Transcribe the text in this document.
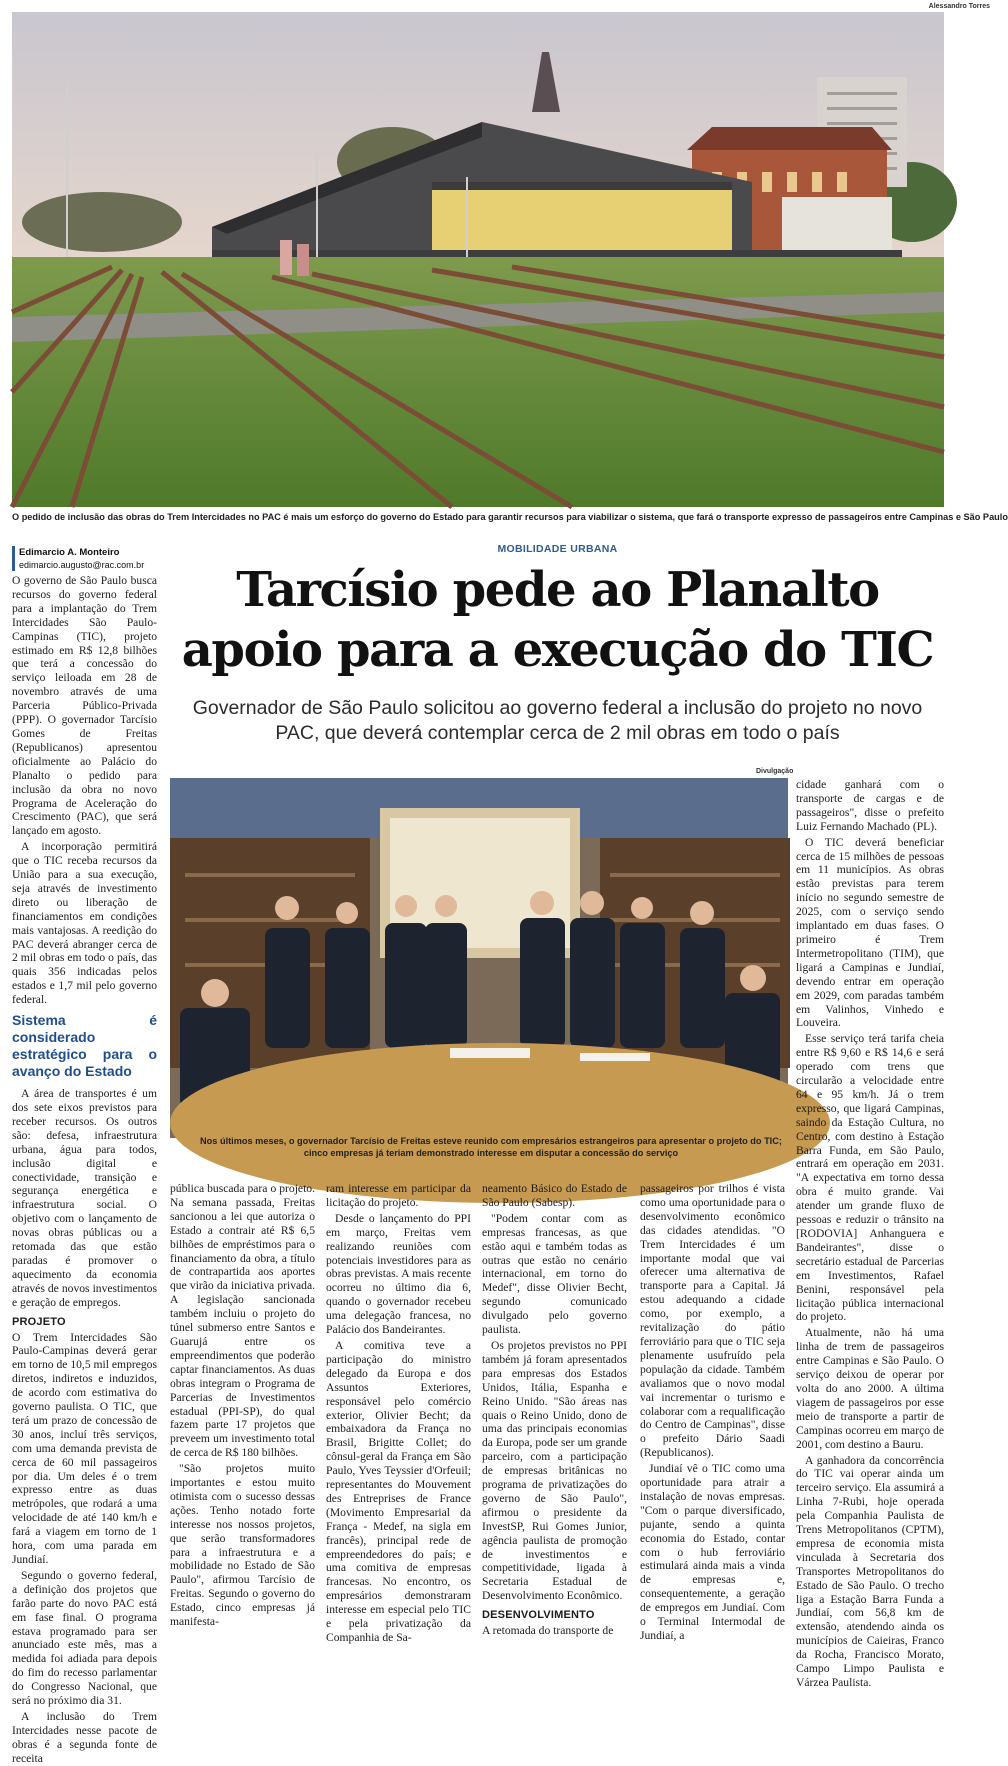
Alessandro Torres
O pedido de inclusão das obras do Trem Intercidades no PAC é mais um esforço do governo do Estado para garantir recursos para viabilizar o sistema, que fará o transporte expresso de passageiros entre Campinas e São Paulo
Edimarcio A. Monteiro
edimarcio.augusto@rac.com.br
MOBILIDADE URBANA
Tarcísio pede ao Planalto
apoio para a execução do TIC
Governador de São Paulo solicitou ao governo federal a inclusão do projeto no novo PAC, que deverá contemplar cerca de 2 mil obras em todo o país
Divulgação
Nos últimos meses, o governador Tarcísio de Freitas esteve reunido com empresários estrangeiros para apresentar o projeto do TIC;
cinco empresas já teriam demonstrado interesse em disputar a concessão do serviço

O governo de São Paulo busca recursos do governo federal para a implantação do Trem Intercidades São Paulo-Campinas (TIC), projeto estimado em R$ 12,8 bilhões que terá a concessão do serviço leiloada em 28 de novembro através de uma Parceria Público-Privada (PPP). O governador Tarcísio Gomes de Freitas (Republicanos) apresentou oficialmente ao Palácio do Planalto o pedido para inclusão da obra no novo Programa de Aceleração do Crescimento (PAC), que será lançado em agosto.

A incorporação permitirá que o TIC receba recursos da União para a sua execução, seja através de investimento direto ou liberação de financiamentos em condições mais vantajosas. A reedição do PAC deverá abranger cerca de 2 mil obras em todo o país, das quais 356 indicadas pelos estados e 1,7 mil pelo governo federal.

Sistema é considerado estratégico para o avanço do Estado

A área de transportes é um dos sete eixos previstos para receber recursos. Os outros são: defesa, infraestrutura urbana, água para todos, inclusão digital e conectividade, transição e segurança energética e infraestrutura social. O objetivo com o lançamento de novas obras públicas ou a retomada das que estão paradas é promover o aquecimento da economia através de novos investimentos e geração de empregos.

PROJETO

O Trem Intercidades São Paulo-Campinas deverá gerar em torno de 10,5 mil empregos diretos, indiretos e induzidos, de acordo com estimativa do governo paulista. O TIC, que terá um prazo de concessão de 30 anos, incluí três serviços, com uma demanda prevista de cerca de 60 mil passageiros por dia. Um deles é o trem expresso entre as duas metrópoles, que rodará a uma velocidade de até 140 km/h e fará a viagem em torno de 1 hora, com uma parada em Jundiaí.

Segundo o governo federal, a definição dos projetos que farão parte do novo PAC está em fase final. O programa estava programado para ser anunciado este mês, mas a medida foi adiada para depois do fim do recesso parlamentar do Congresso Nacional, que será no próximo dia 31.

A inclusão do Trem Intercidades nesse pacote de obras é a segunda fonte de receita

pública buscada para o projeto. Na semana passada, Freitas sancionou a lei que autoriza o Estado a contrair até R$ 6,5 bilhões de empréstimos para o financiamento da obra, a título de contrapartida aos aportes que virão da iniciativa privada. A legislação sancionada também incluiu o projeto do túnel submerso entre Santos e Guarujá entre os empreendimentos que poderão captar financiamentos. As duas obras integram o Programa de Parcerias de Investimentos estadual (PPI-SP), do qual fazem parte 17 projetos que preveem um investimento total de cerca de R$ 180 bilhões.

"São projetos muito importantes e estou muito otimista com o sucesso dessas ações. Tenho notado forte interesse nos nossos projetos, que serão transformadores para a infraestrutura e a mobilidade no Estado de São Paulo", afirmou Tarcísio de Freitas. Segundo o governo do Estado, cinco empresas já manifesta-

ram interesse em participar da licitação do projeto.

Desde o lançamento do PPI em março, Freitas vem realizando reuniões com potenciais investidores para as obras previstas. A mais recente ocorreu no último dia 6, quando o governador recebeu uma delegação francesa, no Palácio dos Bandeirantes.

A comitiva teve a participação do ministro delegado da Europa e dos Assuntos Exteriores, responsável pelo comércio exterior, Olivier Becht; da embaixadora da França no Brasil, Brigitte Collet; do cônsul-geral da França em São Paulo, Yves Teyssier d'Orfeuil; representantes do Mouvement des Entreprises de France (Movimento Empresarial da França - Medef, na sigla em francês), principal rede de empreendedores do país; e uma comitiva de empresas francesas. No encontro, os empresários demonstraram interesse em especial pelo TIC e pela privatização da Companhia de Sa-

neamento Básico do Estado de São Paulo (Sabesp).

"Podem contar com as empresas francesas, as que estão aqui e também todas as outras que estão no cenário internacional, em torno do Medef", disse Olivier Becht, segundo comunicado divulgado pelo governo paulista.

Os projetos previstos no PPI também já foram apresentados para empresas dos Estados Unidos, Itália, Espanha e Reino Unido. "São áreas nas quais o Reino Unido, dono de uma das principais economias da Europa, pode ser um grande parceiro, com a participação de empresas britânicas no programa de privatizações do governo de São Paulo", afirmou o presidente da InvestSP, Rui Gomes Junior, agência paulista de promoção de investimentos e competitividade, ligada à Secretaria Estadual de Desenvolvimento Econômico.

DESENVOLVIMENTO

A retomada do transporte de

passageiros por trilhos é vista como uma oportunidade para o desenvolvimento econômico das cidades atendidas. "O Trem Intercidades é um importante modal que vai oferecer uma alternativa de transporte para a Capital. Já estou adequando a cidade como, por exemplo, a revitalização do pátio ferroviário para que o TIC seja plenamente usufruído pela população da cidade. Também avaliamos que o novo modal vai incrementar o turismo e colaborar com a requalificação do Centro de Campinas", disse o prefeito Dário Saadi (Republicanos).

Jundiaí vê o TIC como uma oportunidade para atrair a instalação de novas empresas. "Com o parque diversificado, pujante, sendo a quinta economia do Estado, contar com o hub ferroviário estimulará ainda mais a vinda de empresas e, consequentemente, a geração de empregos em Jundiaí. Com o Terminal Intermodal de Jundiaí, a

cidade ganhará com o transporte de cargas e de passageiros", disse o prefeito Luiz Fernando Machado (PL).

O TIC deverá beneficiar cerca de 15 milhões de pessoas em 11 municípios. As obras estão previstas para terem início no segundo semestre de 2025, com o serviço sendo implantado em duas fases. O primeiro é Trem Intermetropolitano (TIM), que ligará a Campinas e Jundiaí, devendo entrar em operação em 2029, com paradas também em Valinhos, Vinhedo e Louveira.

Esse serviço terá tarifa cheia entre R$ 9,60 e R$ 14,6 e será operado com trens que circularão a velocidade entre 64 e 95 km/h. Já o trem expresso, que ligará Campinas, saindo da Estação Cultura, no Centro, com destino à Estação Barra Funda, em São Paulo, entrará em operação em 2031. "A expectativa em torno dessa obra é muito grande. Vai atender um grande fluxo de pessoas e reduzir o trânsito na [RODOVIA] Anhanguera e Bandeirantes", disse o secretário estadual de Parcerias em Investimentos, Rafael Benini, responsável pela licitação pública internacional do projeto.

Atualmente, não há uma linha de trem de passageiros entre Campinas e São Paulo. O serviço deixou de operar por volta do ano 2000. A última viagem de passageiros por esse meio de transporte a partir de Campinas ocorreu em março de 2001, com destino a Bauru.

A ganhadora da concorrência do TIC vai operar ainda um terceiro serviço. Ela assumirá a Linha 7-Rubi, hoje operada pela Companhia Paulista de Trens Metropolitanos (CPTM), empresa de economia mista vinculada à Secretaria dos Transportes Metropolitanos do Estado de São Paulo. O trecho liga a Estação Barra Funda a Jundiaí, com 56,8 km de extensão, atendendo ainda os municípios de Caieiras, Franco da Rocha, Francisco Morato, Campo Limpo Paulista e Várzea Paulista.
